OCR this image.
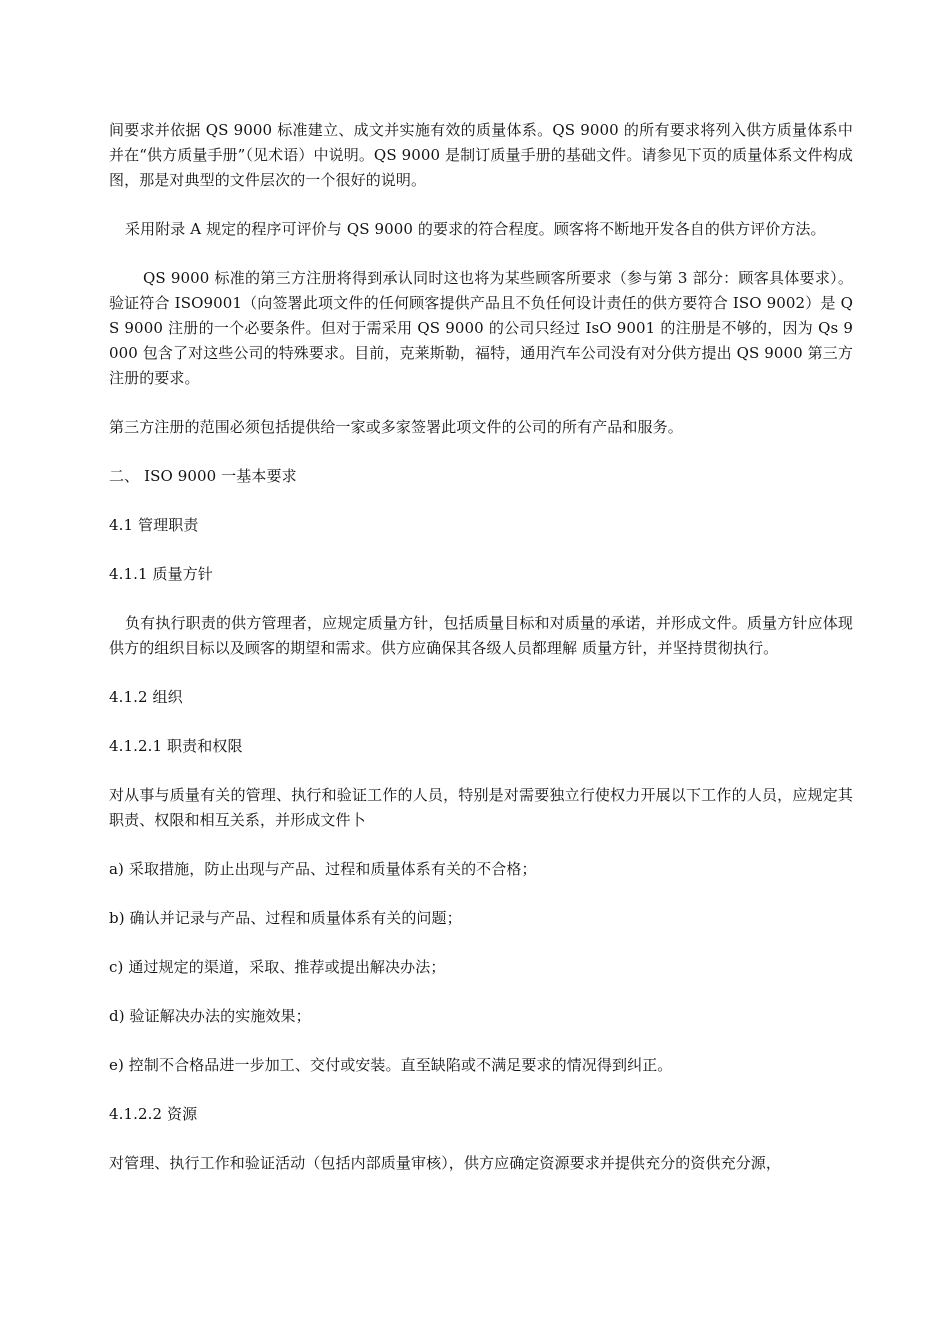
间要求并依据 QS 9000 标准建立、成文并实施有效的质量体系。QS 9000 的所有要求将列入供方质量体系中并在“供方质量手册”（见术语）中说明。QS 9000 是制订质量手册的基础文件。请参见下页的质量体系文件构成图，那是对典型的文件层次的一个很好的说明。

采用附录 A 规定的程序可评价与 QS 9000 的要求的符合程度。顾客将不断地开发各自的供方评价方法。

QS 9000 标准的第三方注册将得到承认同时这也将为某些顾客所要求（参与第 3 部分：顾客具体要求）。验证符合 ISO9001（向签署此项文件的任何顾客提供产品且不负任何设计责任的供方要符合 ISO 9002）是 QS 9000 注册的一个必要条件。但对于需采用 QS 9000 的公司只经过 IsO 9001 的注册是不够的，因为 Qs 9000 包含了对这些公司的特殊要求。目前，克莱斯勒，福特，通用汽车公司没有对分供方提出 QS 9000 第三方注册的要求。

第三方注册的范围必须包括提供给一家或多家签署此项文件的公司的所有产品和服务。

二、 ISO 9000 一基本要求

4.1 管理职责

4.1.1 质量方针

负有执行职责的供方管理者，应规定质量方针，包括质量目标和对质量的承诺，并形成文件。质量方针应体现供方的组织目标以及顾客的期望和需求。供方应确保其各级人员都理解 质量方针，并坚持贯彻执行。

4.1.2 组织

4.1.2.1 职责和权限

对从事与质量有关的管理、执行和验证工作的人员，特别是对需要独立行使权力开展以下工作的人员，应规定其职责、权限和相互关系，并形成文件卜

a) 采取措施，防止出现与产品、过程和质量体系有关的不合格；

b) 确认并记录与产品、过程和质量体系有关的问题；

c) 通过规定的渠道，采取、推荐或提出解决办法；

d) 验证解决办法的实施效果；

e) 控制不合格品进一步加工、交付或安装。直至缺陷或不满足要求的情况得到纠正。

4.1.2.2 资源

对管理、执行工作和验证活动（包括内部质量审核），供方应确定资源要求并提供充分的资供充分源，
